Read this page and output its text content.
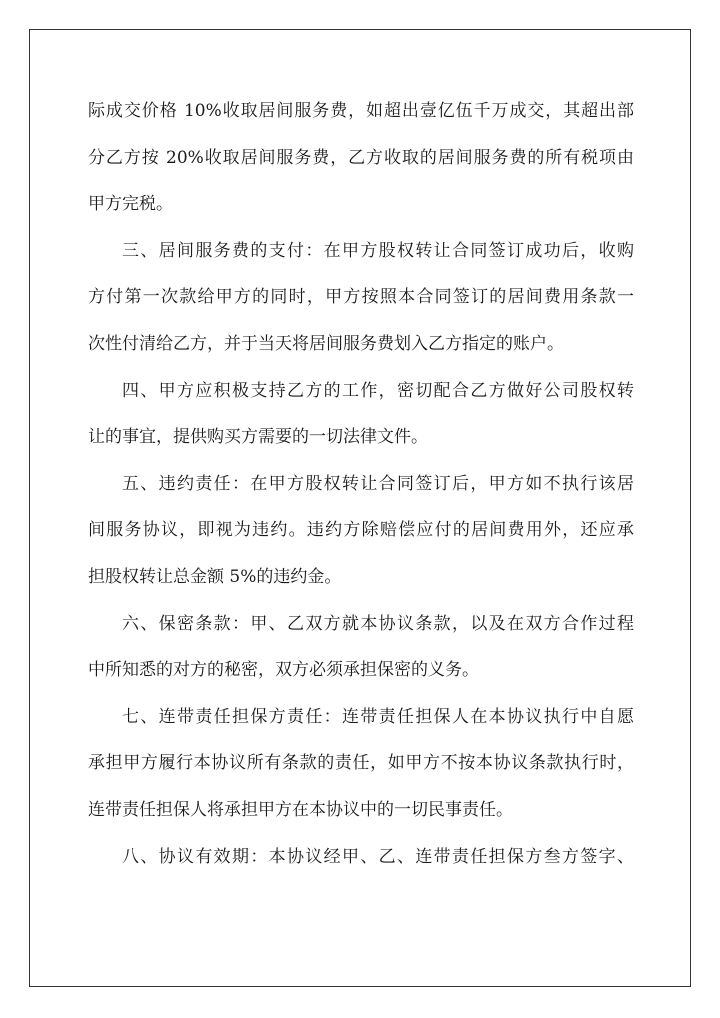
际成交价格 10%收取居间服务费，如超出壹亿伍千万成交，其超出部
分乙方按 20%收取居间服务费，乙方收取的居间服务费的所有税项由
甲方完税。
三、居间服务费的支付：在甲方股权转让合同签订成功后，收购
方付第一次款给甲方的同时，甲方按照本合同签订的居间费用条款一
次性付清给乙方，并于当天将居间服务费划入乙方指定的账户。
四、甲方应积极支持乙方的工作，密切配合乙方做好公司股权转
让的事宜，提供购买方需要的一切法律文件。
五、违约责任：在甲方股权转让合同签订后，甲方如不执行该居
间服务协议，即视为违约。违约方除赔偿应付的居间费用外，还应承
担股权转让总金额 5%的违约金。
六、保密条款：甲、乙双方就本协议条款，以及在双方合作过程
中所知悉的对方的秘密，双方必须承担保密的义务。
七、连带责任担保方责任：连带责任担保人在本协议执行中自愿
承担甲方履行本协议所有条款的责任，如甲方不按本协议条款执行时，
连带责任担保人将承担甲方在本协议中的一切民事责任。
八、协议有效期：本协议经甲、乙、连带责任担保方叁方签字、
